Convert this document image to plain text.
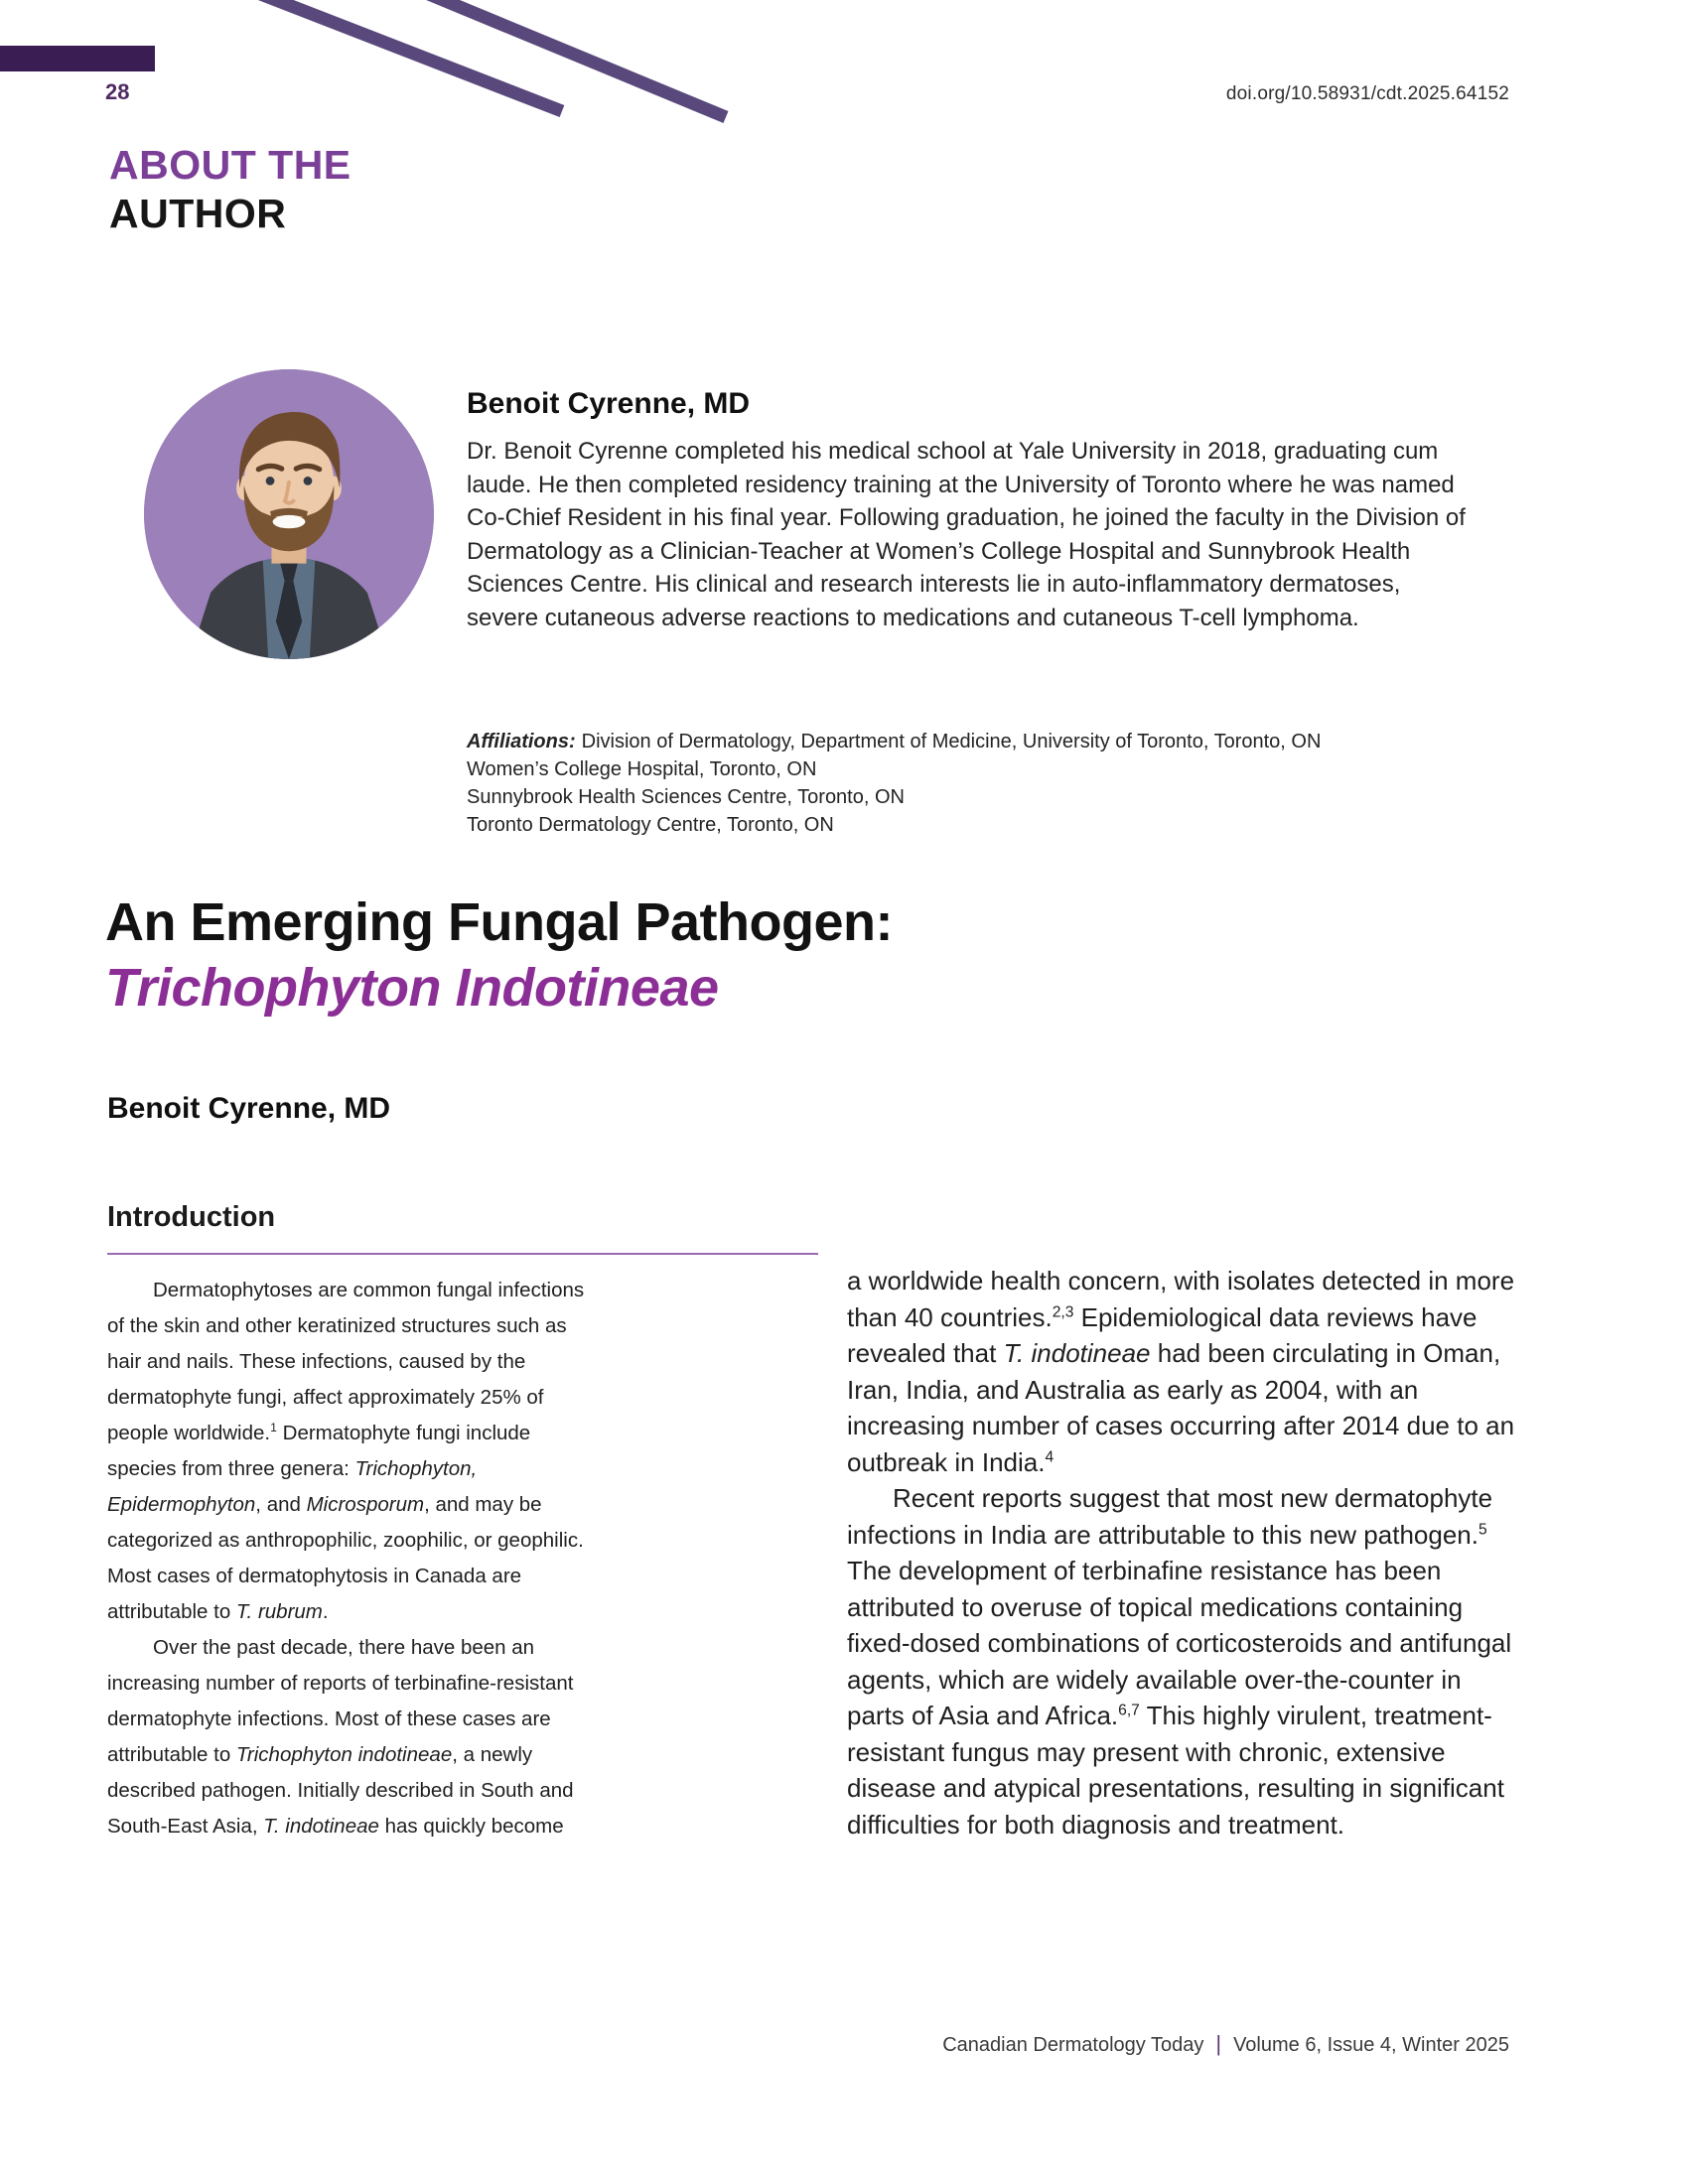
28	doi.org/10.58931/cdt.2025.64152
ABOUT THE
AUTHOR
Benoit Cyrenne, MD
Dr. Benoit Cyrenne completed his medical school at Yale University in 2018, graduating cum laude. He then completed residency training at the University of Toronto where he was named Co-Chief Resident in his final year. Following graduation, he joined the faculty in the Division of Dermatology as a Clinician-Teacher at Women’s College Hospital and Sunnybrook Health Sciences Centre. His clinical and research interests lie in auto-inflammatory dermatoses, severe cutaneous adverse reactions to medications and cutaneous T-cell lymphoma.
Affiliations: Division of Dermatology, Department of Medicine, University of Toronto, Toronto, ON
Women’s College Hospital, Toronto, ON
Sunnybrook Health Sciences Centre, Toronto, ON
Toronto Dermatology Centre, Toronto, ON
An Emerging Fungal Pathogen:
Trichophyton Indotineae
Benoit Cyrenne, MD
Introduction

Dermatophytoses are common fungal infections of the skin and other keratinized structures such as hair and nails. These infections, caused by the dermatophyte fungi, affect approximately 25% of people worldwide.$^1$ Dermatophyte fungi include species from three genera: Trichophyton, Epidermophyton, and Microsporum, and may be categorized as anthropophilic, zoophilic, or geophilic. Most cases of dermatophytosis in Canada are attributable to T. rubrum.

Over the past decade, there have been an increasing number of reports of terbinafine-resistant dermatophyte infections. Most of these cases are attributable to Trichophyton indotineae, a newly described pathogen. Initially described in South and South-East Asia, T. indotineae has quickly become

a worldwide health concern, with isolates detected in more than 40 countries.$^{2,3}$ Epidemiological data reviews have revealed that T. indotineae had been circulating in Oman, Iran, India, and Australia as early as 2004, with an increasing number of cases occurring after 2014 due to an outbreak in India.$^4$

Recent reports suggest that most new dermatophyte infections in India are attributable to this new pathogen.$^5$ The development of terbinafine resistance has been attributed to overuse of topical medications containing fixed-dosed combinations of corticosteroids and antifungal agents, which are widely available over-the-counter in parts of Asia and Africa.$^{6,7}$ This highly virulent, treatment-resistant fungus may present with chronic, extensive disease and atypical presentations, resulting in significant difficulties for both diagnosis and treatment.

Canadian Dermatology Today | Volume 6, Issue 4, Winter 2025
